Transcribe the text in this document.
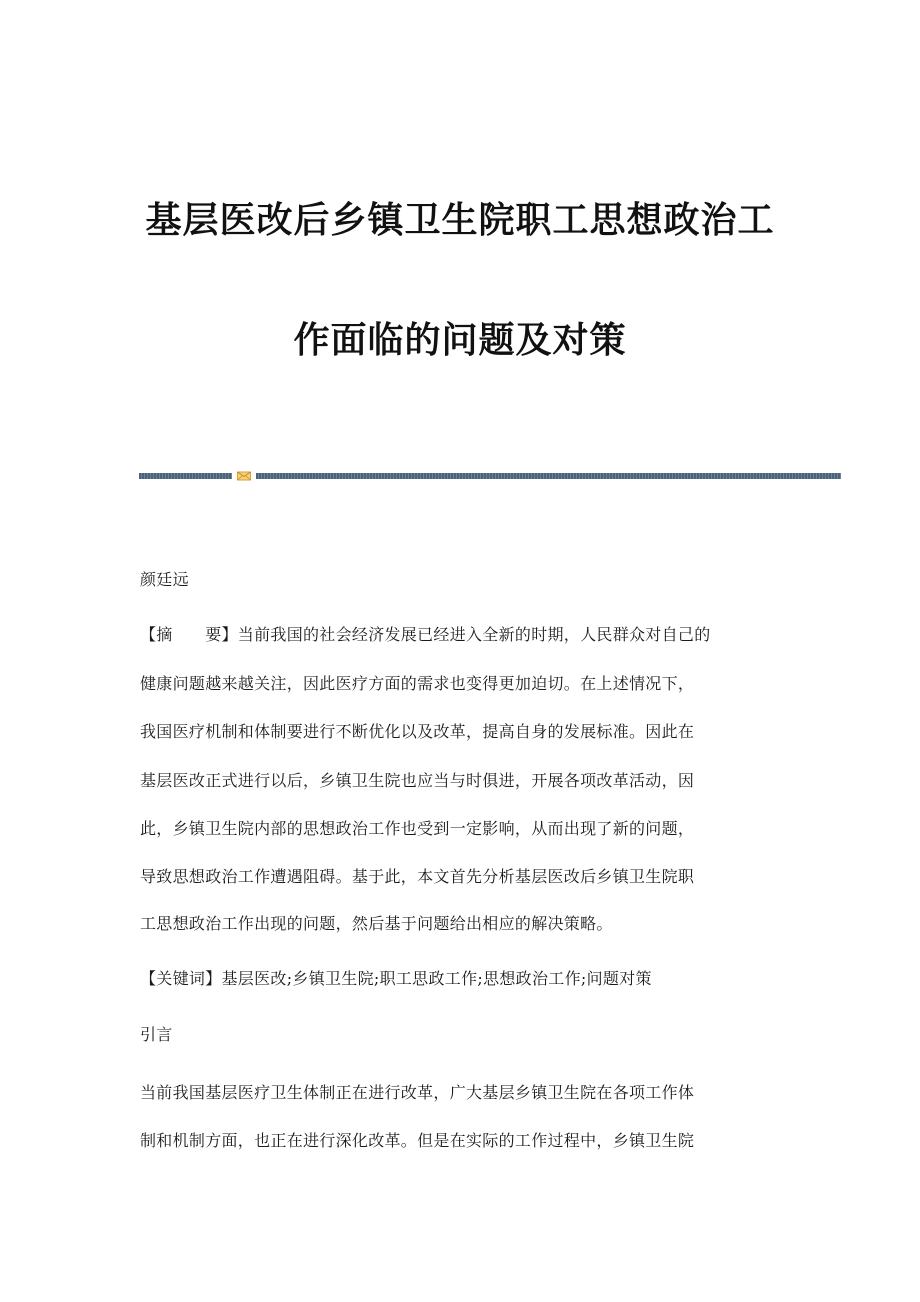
基层医改后乡镇卫生院职工思想政治工
作面临的问题及对策
颜廷远
【摘　　要】当前我国的社会经济发展已经进入全新的时期，人民群众对自己的
健康问题越来越关注，因此医疗方面的需求也变得更加迫切。在上述情况下，
我国医疗机制和体制要进行不断优化以及改革，提高自身的发展标准。因此在
基层医改正式进行以后，乡镇卫生院也应当与时俱进，开展各项改革活动，因
此，乡镇卫生院内部的思想政治工作也受到一定影响，从而出现了新的问题，
导致思想政治工作遭遇阻碍。基于此，本文首先分析基层医改后乡镇卫生院职
工思想政治工作出现的问题，然后基于问题给出相应的解决策略。
【关键词】基层医改;乡镇卫生院;职工思政工作;思想政治工作;问题对策
引言
当前我国基层医疗卫生体制正在进行改革，广大基层乡镇卫生院在各项工作体
制和机制方面，也正在进行深化改革。但是在实际的工作过程中，乡镇卫生院
